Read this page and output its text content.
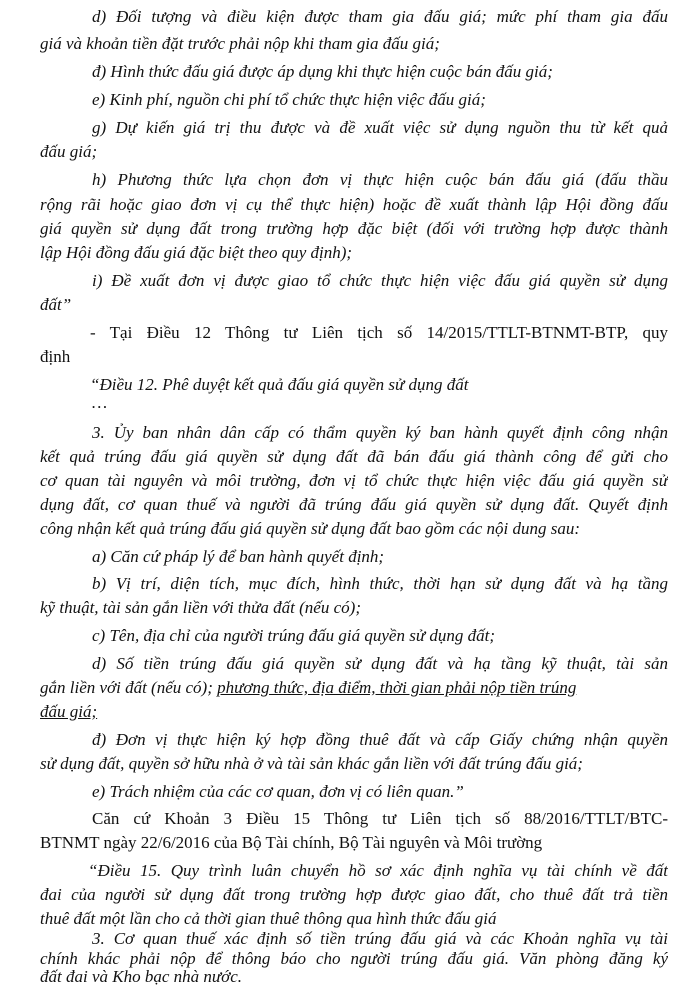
d) Đối tượng và điều kiện được tham gia đấu giá; mức phí tham gia đấu
giá và khoản tiền đặt trước phải nộp khi tham gia đấu giá;
đ) Hình thức đấu giá được áp dụng khi thực hiện cuộc bán đấu giá;
e) Kinh phí, nguồn chi phí tổ chức thực hiện việc đấu giá;
g) Dự kiến giá trị thu được và đề xuất việc sử dụng nguồn thu từ kết quả
đấu giá;
h) Phương thức lựa chọn đơn vị thực hiện cuộc bán đấu giá (đấu thầu
rộng rãi hoặc giao đơn vị cụ thể thực hiện) hoặc đề xuất thành lập Hội đồng đấu
giá quyền sử dụng đất trong trường hợp đặc biệt (đối với trường hợp được thành
lập Hội đồng đấu giá đặc biệt theo quy định);
i) Đề xuất đơn vị được giao tổ chức thực hiện việc đấu giá quyền sử dụng
đất”
- Tại Điều 12 Thông tư Liên tịch số 14/2015/TTLT-BTNMT-BTP, quy
định
“Điều 12. Phê duyệt kết quả đấu giá quyền sử dụng đất
…
3. Ủy ban nhân dân cấp có thẩm quyền ký ban hành quyết định công nhận
kết quả trúng đấu giá quyền sử dụng đất đã bán đấu giá thành công để gửi cho
cơ quan tài nguyên và môi trường, đơn vị tổ chức thực hiện việc đấu giá quyền sử
dụng đất, cơ quan thuế và người đã trúng đấu giá quyền sử dụng đất. Quyết định
công nhận kết quả trúng đấu giá quyền sử dụng đất bao gồm các nội dung sau:
a) Căn cứ pháp lý để ban hành quyết định;
b) Vị trí, diện tích, mục đích, hình thức, thời hạn sử dụng đất và hạ tầng
kỹ thuật, tài sản gắn liền với thửa đất (nếu có);
c) Tên, địa chỉ của người trúng đấu giá quyền sử dụng đất;
d) Số tiền trúng đấu giá quyền sử dụng đất và hạ tầng kỹ thuật, tài sản
gắn liền với đất (nếu có); phương thức, địa điểm, thời gian phải nộp tiền trúng
đấu giá;
đ) Đơn vị thực hiện ký hợp đồng thuê đất và cấp Giấy chứng nhận quyền
sử dụng đất, quyền sở hữu nhà ở và tài sản khác gắn liền với đất trúng đấu giá;
e) Trách nhiệm của các cơ quan, đơn vị có liên quan.”
Căn cứ Khoản 3 Điều 15 Thông tư Liên tịch số 88/2016/TTLT/BTC-
BTNMT ngày 22/6/2016 của Bộ Tài chính, Bộ Tài nguyên và Môi trường
“Điều 15. Quy trình luân chuyển hồ sơ xác định nghĩa vụ tài chính về đất
đai của người sử dụng đất trong trường hợp được giao đất, cho thuê đất trả tiền
thuê đất một lần cho cả thời gian thuê thông qua hình thức đấu giá
3. Cơ quan thuế xác định số tiền trúng đấu giá và các Khoản nghĩa vụ tài
chính khác phải nộp để thông báo cho người trúng đấu giá. Văn phòng đăng ký
đất đai và Kho bạc nhà nước.
